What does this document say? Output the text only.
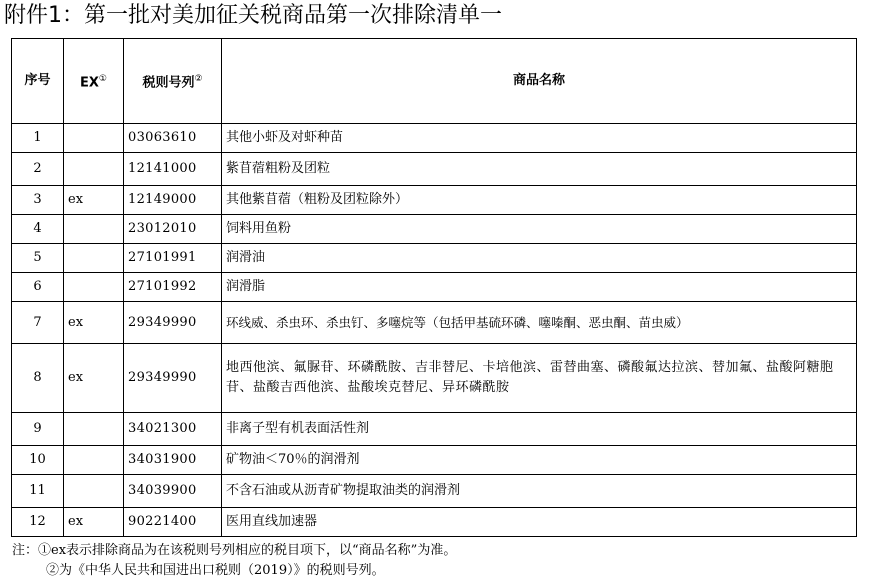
附件1：第一批对美加征关税商品第一次排除清单一
序号	EX①	税则号列②	商品名称
1		03063610	其他小虾及对虾种苗
2		12141000	紫苜蓿粗粉及团粒
3	ex	12149000	其他紫苜蓿（粗粉及团粒除外）
4		23012010	饲料用鱼粉
5		27101991	润滑油
6		27101992	润滑脂
7	ex	29349990	环线威、杀虫环、杀虫钉、多噻烷等（包括甲基硫环磷、噻嗪酮、恶虫酮、苗虫威）
8	ex	29349990	地西他滨、氟脲苷、环磷酰胺、吉非替尼、卡培他滨、雷替曲塞、磷酸氟达拉滨、替加氟、盐酸阿糖胞苷、盐酸吉西他滨、盐酸埃克替尼、异环磷酰胺
9		34021300	非离子型有机表面活性剂
10		34031900	矿物油＜70％的润滑剂
11		34039900	不含石油或从沥青矿物提取油类的润滑剂
12	ex	90221400	医用直线加速器
注：①ex表示排除商品为在该税则号列相应的税目项下，以“商品名称”为准。
②为《中华人民共和国进出口税则（2019）》的税则号列。
